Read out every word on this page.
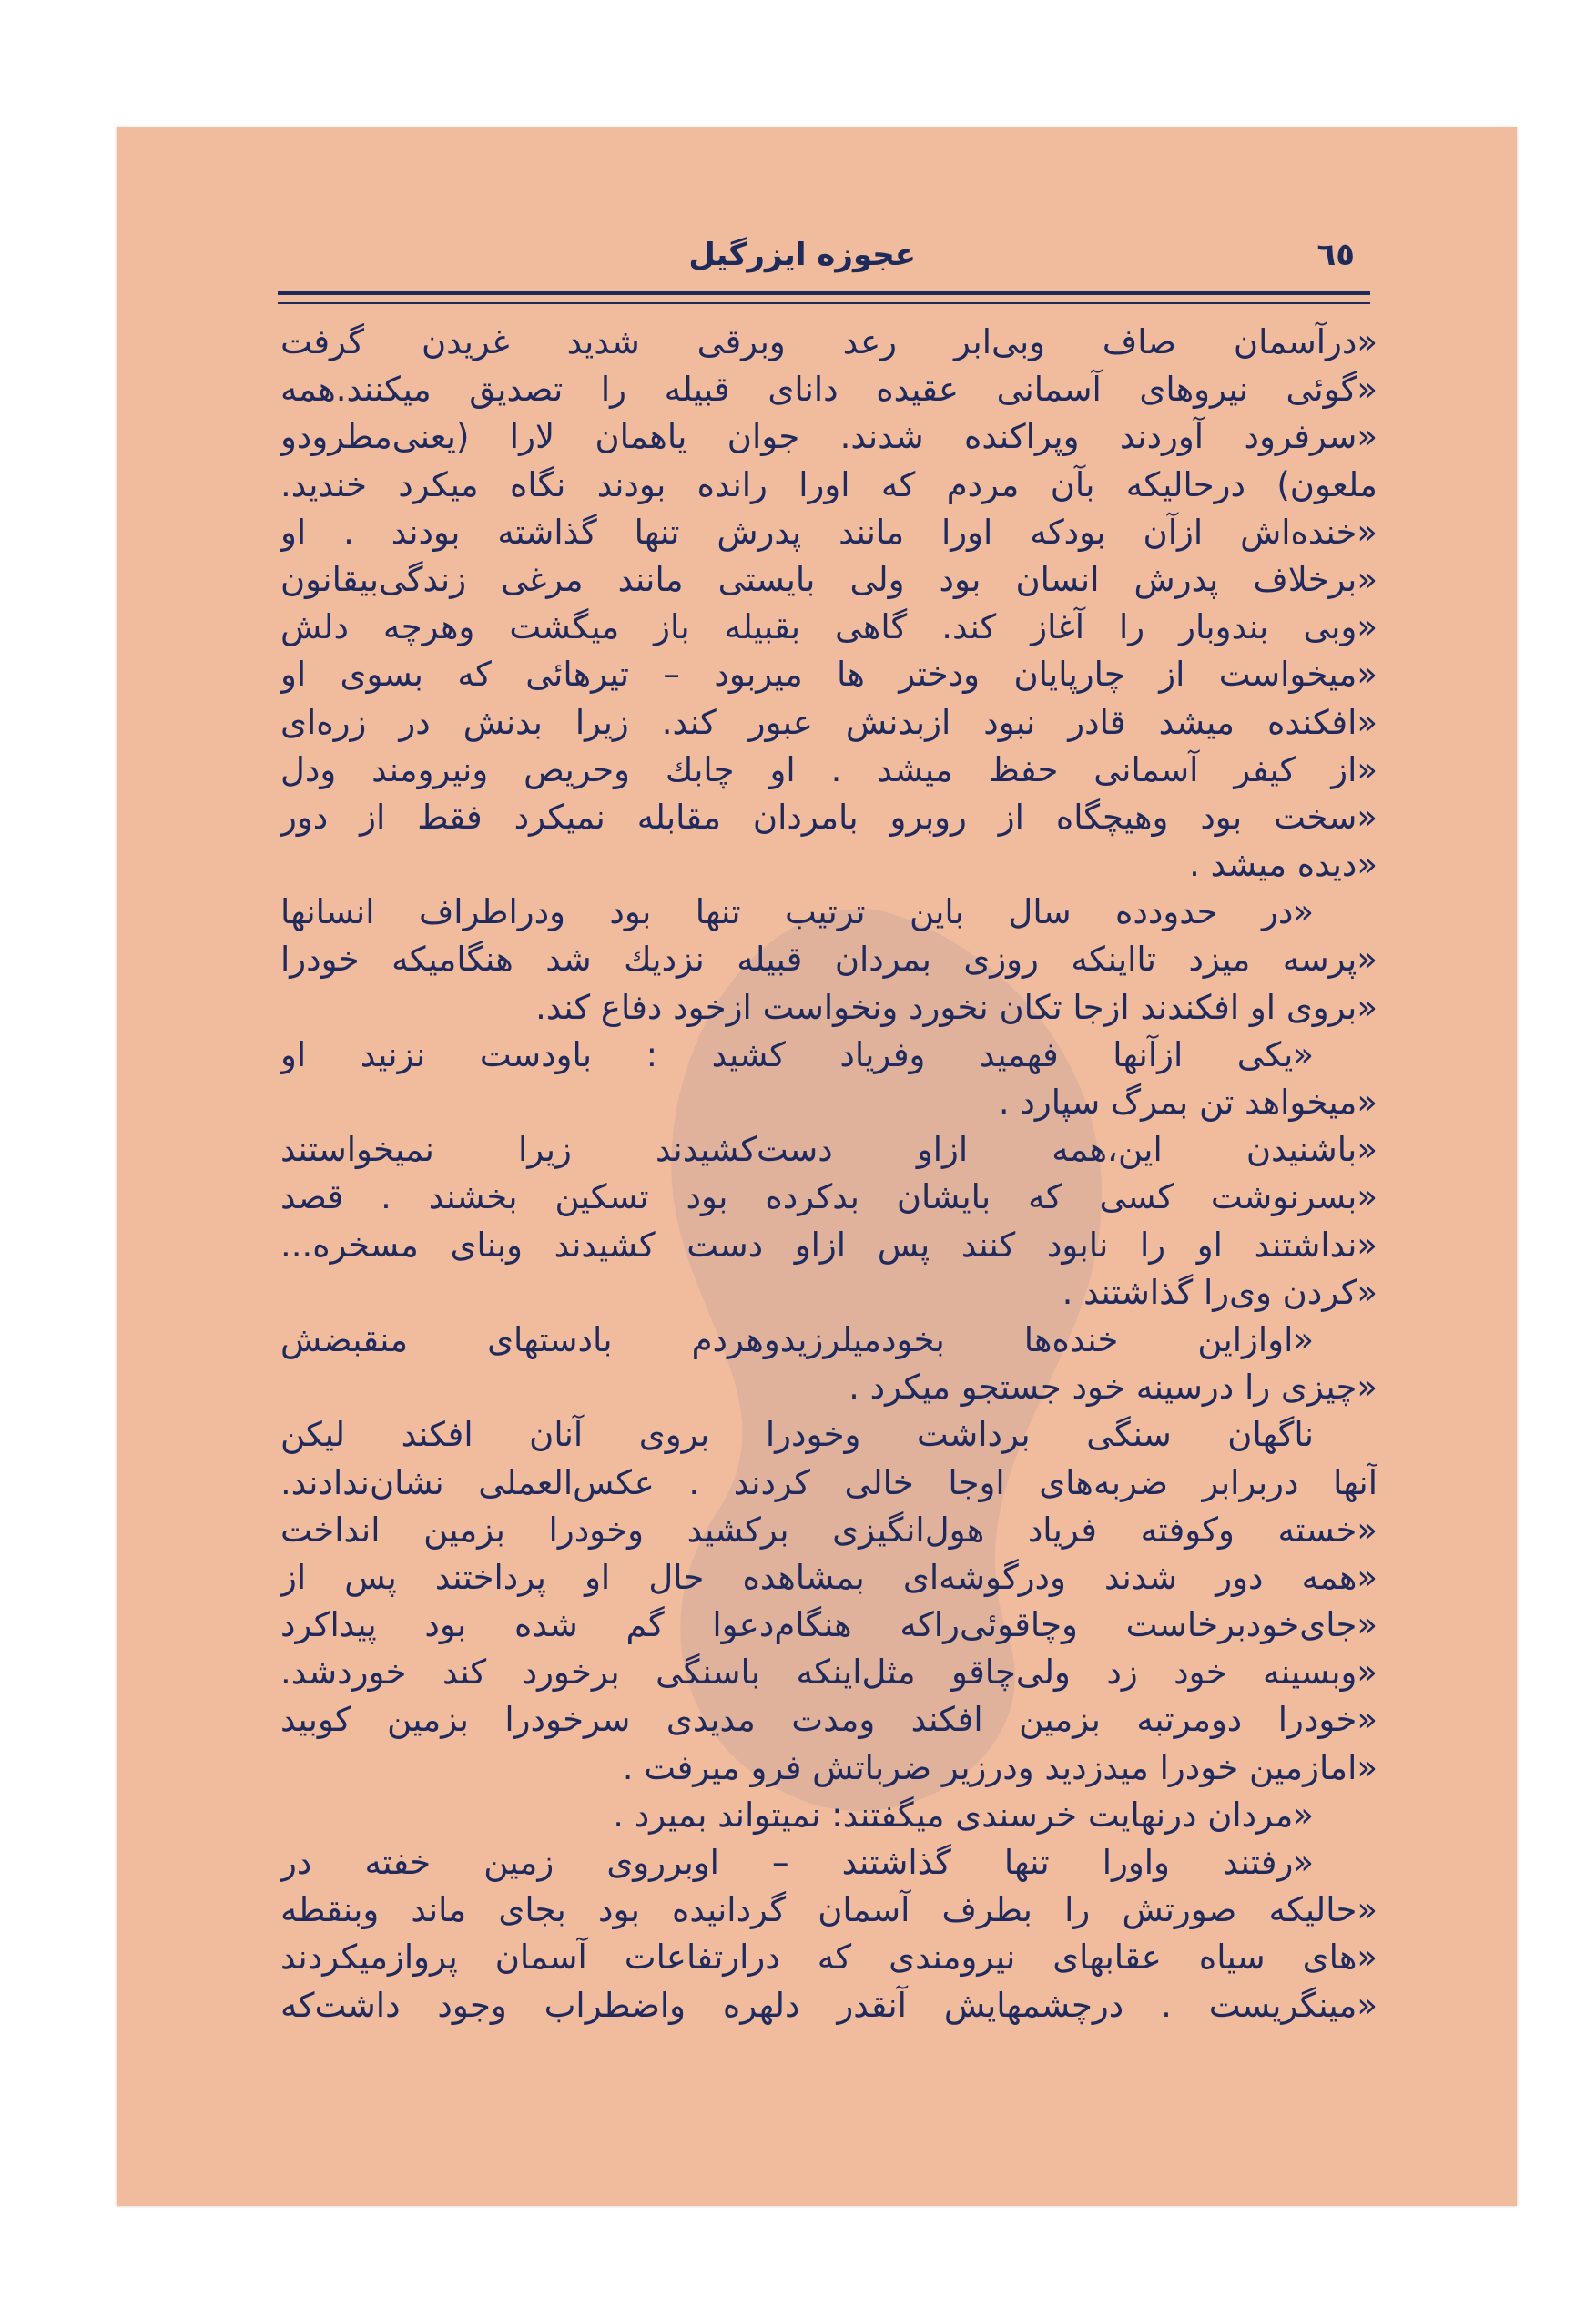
٦٥
عجوزه ایزرگیل
«درآسمان صاف وبی‌ابر رعد وبرقی شدید غریدن گرفت
«گوئی نیروهای آسمانی عقیده دانای قبیله را تصدیق میکنند.همه
«سرفرود آوردند وپراکنده شدند. جوان یاهمان لارا (یعنی‌مطرودو
ملعون) درحالیکه بآن مردم که اورا رانده بودند نگاه میکرد خندید.
«خنده‌اش ازآن بودکه اورا مانند پدرش تنها گذاشته بودند . او
«برخلاف پدرش انسان بود ولی بایستی مانند مرغی زندگی‌بیقانون
«وبی بندوبار را آغاز کند. گاهی بقبیله باز میگشت وهرچه دلش
«میخواست از چارپایان ودختر ها میربود – تیرهائی که بسوی او
«افکنده میشد قادر نبود ازبدنش عبور کند. زیرا بدنش در زره‌ای
«از کیفر آسمانی حفظ میشد . او چابك وحریص ونیرومند ودل
«سخت بود وهیچگاه از روبرو بامردان مقابله نمیکرد فقط از دور
«دیده میشد .
«در حدودده سال باین ترتیب تنها بود ودراطراف انسانها
«پرسه میزد تااینکه روزی بمردان قبیله نزدیك شد هنگامیکه خودرا
«بروی او افکندند ازجا تکان نخورد ونخواست ازخود دفاع کند.
«یکی ازآنها فهمید وفریاد کشید : باودست نزنید او
«میخواهد تن بمرگ سپارد .
«باشنیدن این،همه ازاو دست‌کشیدند زیرا نمیخواستند
«بسرنوشت کسی که بایشان بدکرده بود تسکین بخشند . قصد
«نداشتند او را نابود کنند پس ازاو دست کشیدند وبنای مسخره...
«کردن وی‌را گذاشتند .
«اوازاین خنده‌ها بخودمیلرزیدوهردم بادستهای منقبضش
«چیزی را درسینه خود جستجو میکرد .
ناگهان سنگی برداشت وخودرا بروی آنان افکند لیکن
آنها دربرابر ضربه‌های اوجا خالی کردند . عکس‌العملی نشان‌ندادند.
«خسته وکوفته فریاد هول‌انگیزی برکشید وخودرا بزمین انداخت
«همه دور شدند ودرگوشه‌ای بمشاهده حال او پرداختند پس از
«جای‌خودبرخاست وچاقوئی‌راکه هنگام‌دعوا گم شده بود پیداکرد
«وبسینه خود زد ولی‌چاقو مثل‌اینکه باسنگی برخورد کند خوردشد.
«خودرا دومرتبه بزمین افکند ومدت مدیدی سرخودرا بزمین کوبید
«امازمین خودرا میدزدید ودرزیر ضرباتش فرو میرفت .
«مردان درنهایت خرسندی میگفتند: نمیتواند بمیرد .
«رفتند واورا تنها گذاشتند – اوبرروی زمین خفته در
«حالیکه صورتش را بطرف آسمان گردانیده بود بجای ماند وبنقطه
«های سیاه عقابهای نیرومندی که درارتفاعات آسمان پروازمیکردند
«مینگریست . درچشمهایش آنقدر دلهره واضطراب وجود داشت‌که
